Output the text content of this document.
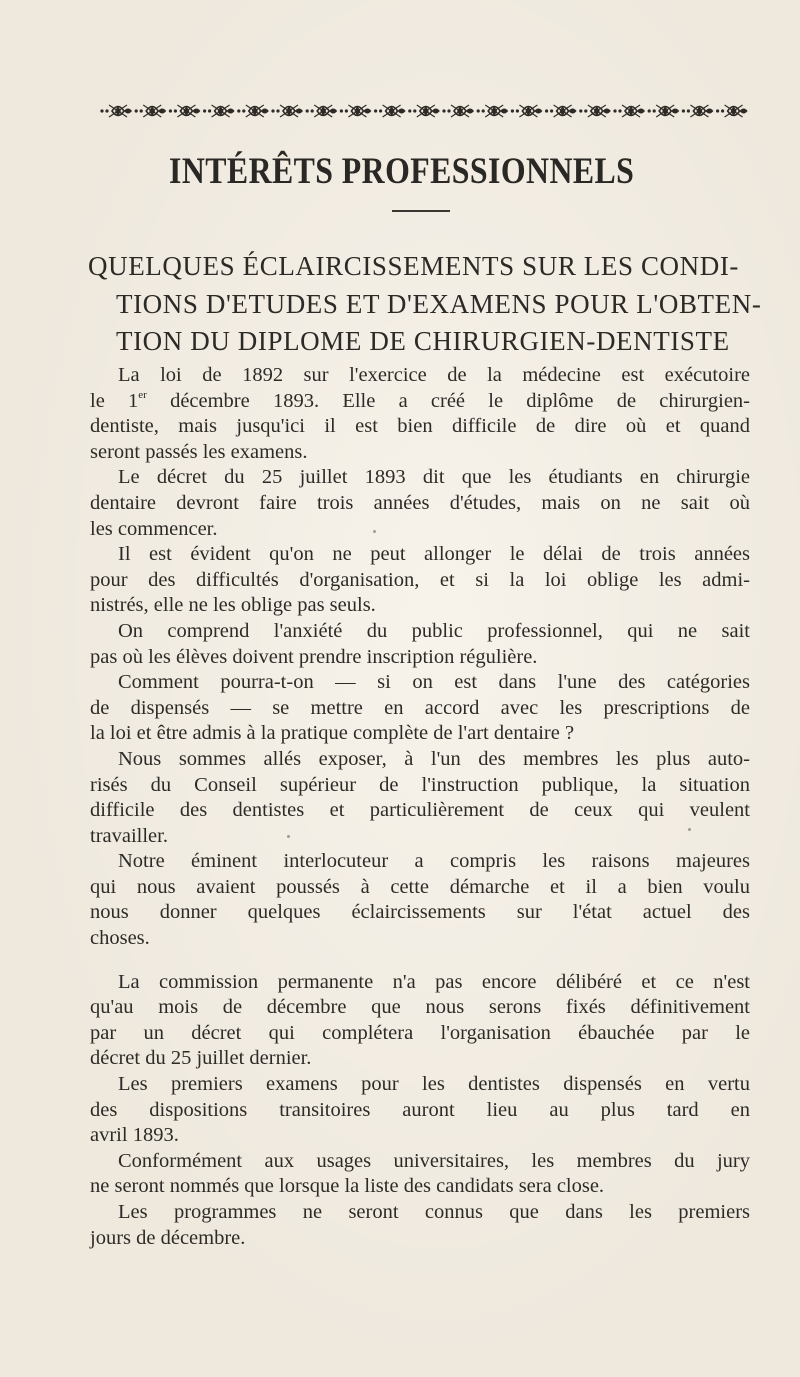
INTÉRÊTS PROFESSIONNELS
QUELQUES ÉCLAIRCISSEMENTS SUR LES CONDI-
TIONS D'ETUDES ET D'EXAMENS POUR L'OBTEN-
TION DU DIPLOME DE CHIRURGIEN-DENTISTE
La loi de 1892 sur l'exercice de la médecine est exécutoire
le 1er décembre 1893. Elle a créé le diplôme de chirurgien-
dentiste, mais jusqu'ici il est bien difficile de dire où et quand
seront passés les examens.
Le décret du 25 juillet 1893 dit que les étudiants en chirurgie
dentaire devront faire trois années d'études, mais on ne sait où
les commencer.
Il est évident qu'on ne peut allonger le délai de trois années
pour des difficultés d'organisation, et si la loi oblige les admi-
nistrés, elle ne les oblige pas seuls.
On comprend l'anxiété du public professionnel, qui ne sait
pas où les élèves doivent prendre inscription régulière.
Comment pourra-t-on — si on est dans l'une des catégories
de dispensés — se mettre en accord avec les prescriptions de
la loi et être admis à la pratique complète de l'art dentaire ?
Nous sommes allés exposer, à l'un des membres les plus auto-
risés du Conseil supérieur de l'instruction publique, la situation
difficile des dentistes et particulièrement de ceux qui veulent
travailler.
Notre éminent interlocuteur a compris les raisons majeures
qui nous avaient poussés à cette démarche et il a bien voulu
nous donner quelques éclaircissements sur l'état actuel des
choses.
La commission permanente n'a pas encore délibéré et ce n'est
qu'au mois de décembre que nous serons fixés définitivement
par un décret qui complétera l'organisation ébauchée par le
décret du 25 juillet dernier.
Les premiers examens pour les dentistes dispensés en vertu
des dispositions transitoires auront lieu au plus tard en
avril 1893.
Conformément aux usages universitaires, les membres du jury
ne seront nommés que lorsque la liste des candidats sera close.
Les programmes ne seront connus que dans les premiers
jours de décembre.
